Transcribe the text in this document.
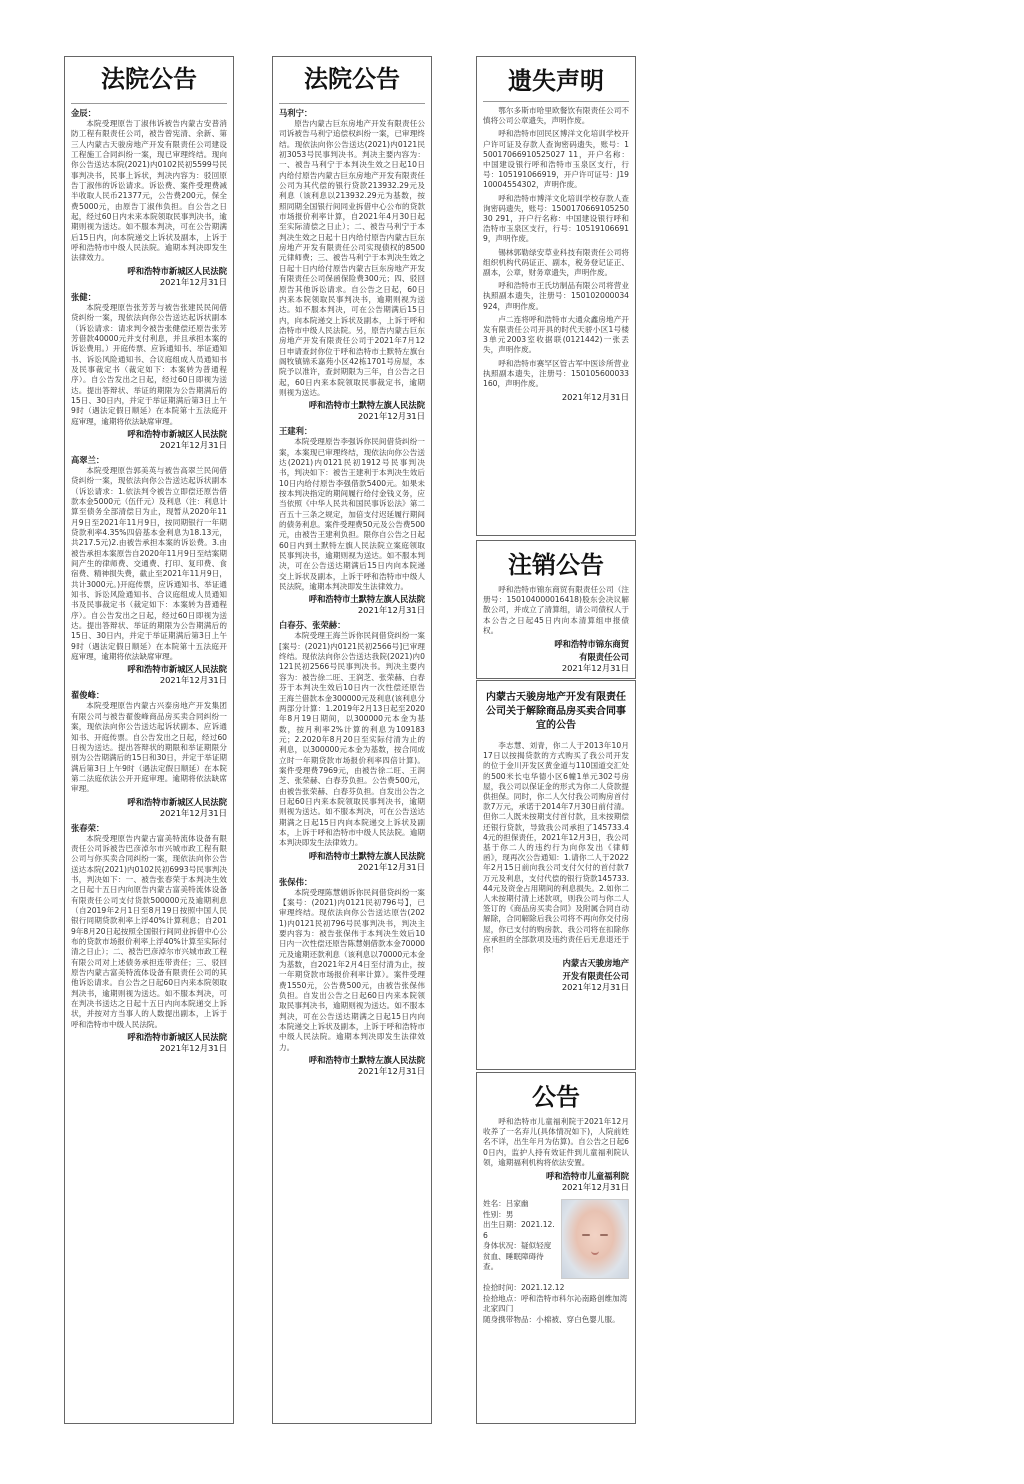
法院公告
金辰：

本院受理原告丁淑伟诉被告内蒙古安普消防工程有限责任公司，被告曾宪清、余新、第三人内蒙古天骏房地产开发有限责任公司建设工程施工合同纠纷一案，现已审理终结。现向你公告送达本院(2021)内0102民初5599号民事判决书，民事上诉状，判决内容为：驳回原告丁淑伟的诉讼请求。诉讼费、案件受理费减半收取人民币21377元，公告费200元，保全费5000元，由原告丁淑伟负担。自公告之日起，经过60日内未来本院领取民事判决书，逾期则视为送达。如不服本判决，可在公告期满后15日内，向本院递交上诉状及副本，上诉于呼和浩特市中级人民法院。逾期本判决即发生法律效力。

呼和浩特市新城区人民法院
2021年12月31日
张健：

本院受理原告张芳芳与被告张建民民间借贷纠纷一案，现依法向你公告送达起诉状副本（诉讼请求：请求判令被告张健偿还原告张芳芳借款40000元并支付利息，并且承担本案的诉讼费用。）开庭传票、应诉通知书、举证通知书、诉讼风险通知书、合议庭组成人员通知书及民事裁定书（裁定如下：本案转为普通程序）。自公告发出之日起，经过60日即视为送达。提出答辩状、举证的期限为公告期满后的15日、30日内，并定于举证期满后第3日上午9时（遇法定假日顺延）在本院第十五法庭开庭审理，逾期将依法缺席审理。

呼和浩特市新城区人民法院
2021年12月31日
高翠兰：

本院受理原告郭美英与被告高翠兰民间借贷纠纷一案，现依法向你公告送达起诉状副本（诉讼请求：1.依法判令被告立即偿还原告借款本金5000元（伍仟元）及利息（注：利息计算至债务全部清偿日为止，现暂从2020年11月9日至2021年11月9日，按同期银行一年期贷款利率4.35%四倍基本金利息为18.13元，共217.5元)2.由被告承担本案的诉讼费。3.由被告承担本案原告自2020年11月9日至结案期间产生的律师费、交通费、打印、复印费、食宿费、精神损失费，截止至2021年11月9日，共计3000元。)开庭传票，应诉通知书、举证通知书、诉讼风险通知书、合议庭组成人员通知书及民事裁定书（裁定如下：本案转为普通程序）。自公告发出之日起，经过60日即视为送达。提出答辩状、举证的期限为公告期满后的15日、30日内，并定于举证期满后第3日上午9时（遇法定假日顺延）在本院第十五法庭开庭审理，逾期将依法缺席审理。

呼和浩特市新城区人民法院
2021年12月31日
翟俊峰：

本院受理原告内蒙古兴泰房地产开发集团有限公司与被告翟俊峰商品房买卖合同纠纷一案，现依法向你公告送达起诉状副本、应诉通知书、开庭传票。自公告发出之日起，经过60日视为送达。提出答辩状的期限和举证期限分别为公告期满后的15日和30日，并定于举证期满后第3日上午9时（遇法定假日顺延）在本院第二法庭依法公开开庭审理。逾期将依法缺席审理。

呼和浩特市新城区人民法院
2021年12月31日
张春荣：

本院受理原告内蒙古富美特流体设备有限责任公司诉被告巴彦淖尔市兴城市政工程有限公司与你买卖合同纠纷一案，现依法向你公告送达本院(2021)内0102民初6993号民事判决书，判决如下：一、被告张春荣于本判决生效之日起十五日内向原告内蒙古富美特流体设备有限责任公司支付货款500000元及逾期利息（自2019年2月1日至8月19日按照中国人民银行同期贷款利率上浮40%计算利息；自2019年8月20日起按照全国银行间同业拆借中心公布的贷款市场报价利率上浮40%计算至实际付清之日止）；二、被告巴彦淖尔市兴城市政工程有限公司对上述债务承担连带责任；三、驳回原告内蒙古富美特流体设备有限责任公司的其他诉讼请求。自公告之日起60日内来本院领取判决书，逾期则视为送达。如不服本判决，可在判决书送达之日起十五日内向本院递交上诉状，并按对方当事人的人数提出副本，上诉于呼和浩特市中级人民法院。

呼和浩特市新城区人民法院
2021年12月31日
法院公告
马利宁：

原告内蒙古巨东房地产开发有限责任公司诉被告马利宁追偿权纠纷一案，已审理终结。现依法向你公告送达(2021)内0121民初3053号民事判决书。判决主要内容为：一、被告马利宁于本判决生效之日起10日内给付原告内蒙古巨东房地产开发有限责任公司为其代偿的银行贷款213932.29元及利息（该利息以213932.29元为基数，按照同期全国银行间同业拆借中心公布的贷款市场报价利率计算，自2021年4月30日起至实际清偿之日止）；二、被告马利宁于本判决生效之日起十日内给付原告内蒙古巨东房地产开发有限责任公司实现债权的8500元律师费；三、被告马利宁于本判决生效之日起十日内给付原告内蒙古巨东房地产开发有限责任公司保函保险费300元；四、驳回原告其他诉讼请求。自公告之日起，60日内来本院领取民事判决书，逾期则视为送达。如不服本判决，可在公告期满后15日内，向本院递交上诉状及副本，上诉于呼和浩特市中级人民法院。另，原告内蒙古巨东房地产开发有限责任公司于2021年7月12日申请查封你位于呼和浩特市土默特左旗台阁牧镇锦禾嘉苑小区42栋1701号房屋，本院予以准许，查封期限为三年，自公告之日起，60日内来本院领取民事裁定书，逾期则视为送达。

呼和浩特市土默特左旗人民法院
2021年12月31日
王建利：

本院受理原告李强诉你民间借贷纠纷一案，本案现已审理终结，现依法向你公告送达(2021)内0121民初1912号民事判决书，判决如下：被告王建利于本判决生效后10日内给付原告李强借款5400元。如果未按本判决指定的期间履行给付金钱义务，应当依照《中华人民共和国民事诉讼法》第二百五十三条之规定，加倍支付迟延履行期间的债务利息。案件受理费50元及公告费500元，由被告王建利负担。限你自公告之日起60日内到土默特左旗人民法院立案庭领取民事判决书，逾期则视为送达。如不服本判决，可在公告送达期满后15日内向本院递交上诉状及副本，上诉于呼和浩特市中级人民法院，逾期本判决即发生法律效力。

呼和浩特市土默特左旗人民法院
2021年12月31日
白春芬、张荣赫：

本院受理王海兰诉你民间借贷纠纷一案[案号：(2021)内0121民初2566号]已审理终结。现依法向你公告送达我院(2021)内0121民初2566号民事判决书。判决主要内容为：被告徐二旺、王润芝、张荣赫、白春芬于本判决生效后10日内一次性偿还原告王海兰借款本金300000元及利息(该利息分两部分计算：1.2019年2月13日起至2020年8月19日期间，以300000元本金为基数，按月利率2%计算的利息为109183元；2.2020年8月20日至实际付清为止的利息，以300000元本金为基数，按合同成立时一年期贷款市场报价利率四倍计算)。案件受理费7969元，由被告徐二旺、王润芝、张荣赫、白春芬负担。公告费500元，由被告张荣赫、白春芬负担。自发出公告之日起60日内来本院领取民事判决书，逾期则视为送达。如不服本判决，可在公告送达期满之日起15日内向本院递交上诉状及副本，上诉于呼和浩特市中级人民法院。逾期本判决即发生法律效力。

呼和浩特市土默特左旗人民法院
2021年12月31日
张保伟：

本院受理陈慧娟诉你民间借贷纠纷一案【案号：(2021)内0121民初796号】，已审理终结。现依法向你公告送达原告(2021)内0121民初796号民事判决书，判决主要内容为：被告张保伟于本判决生效后10日内一次性偿还原告陈慧娟借款本金70000元及逾期还款利息（该利息以70000元本金为基数，自2021年2月4日至付清为止，按一年期贷款市场报价利率计算）。案件受理费1550元，公告费500元，由被告张保伟负担。自发出公告之日起60日内来本院领取民事判决书，逾期则视为送达。如不服本判决，可在公告送达期满之日起15日内向本院递交上诉状及副本，上诉于呼和浩特市中级人民法院。逾期本判决即发生法律效力。

呼和浩特市土默特左旗人民法院
2021年12月31日
遗失声明

鄂尔多斯市哈里欧餐饮有限责任公司不慎将公司公章遗失，声明作废。

呼和浩特市回民区博洋文化培训学校开户许可证及存款人查询密码遗失，账号：150017066910525027 11，开户名称：中国建设银行呼和浩特市玉泉区支行，行号：105191066919，开户许可证号：J1910004554302，声明作废。

呼和浩特市博洋文化培训学校存款人查询密码遗失，账号：150017066910525030 291，开户行名称：中国建设银行呼和浩特市玉泉区支行，行号：105191066919，声明作废。

锡林郭勒绿安草业科技有限责任公司将组织机构代码证正、副本，税务登记证正、副本，公章，财务章遗失，声明作废。

呼和浩特市王氏坊制品有限公司将营业执照副本遗失，注册号：150102000034924，声明作废。

卢二连将呼和浩特市大通众鑫房地产开发有限责任公司开具的时代天骄小区1号楼3单元2003室收据联(0121442)一张丢失，声明作废。

呼和浩特市赛罕区管古军中医诊所营业执照副本遗失，注册号：150105600033160，声明作废。

2021年12月31日
注销公告

呼和浩特市锦东商贸有限责任公司（注册号：150104000016418)股东会决议解散公司，并成立了清算组，请公司债权人于本公告之日起45日内向本清算组申报债权。

呼和浩特市锦东商贸
有限责任公司
2021年12月31日
内蒙古天骏房地产开发有限责任公司关于解除商品房买卖合同事宜的公告

李志慧、刘青，你二人于2013年10月17日以按揭贷款的方式购买了我公司开发的位于金川开发区黄金道与110国道交汇处的500米长屯华德小区6幢1单元302号房屋，我公司以保证金的形式为你二人贷款提供担保。同时，你二人欠付我公司购房首付款7万元，承诺于2014年7月30日前付清。但你二人既未按期支付首付款，且未按期偿还银行贷款，导致我公司承担了145733.44元的担保责任，2021年12月3日，我公司基于你二人的违约行为向你发出《律师函》，现再次公告通知：1.请你二人于2022年2月15日前向我公司支付欠付的首付款7万元及利息，支付代偿的银行贷款145733.44元及资金占用期间的利息损失。2.如你二人未按期付清上述款项，则我公司与你二人签订的《商品房买卖合同》及附属合同自动解除，合同解除后我公司将不再向你交付房屋，你已支付的购房款、我公司将在扣除你应承担的全部款项及违约责任后无息退还于你！

内蒙古天骏房地产
开发有限责任公司
2021年12月31日
公告

呼和浩特市儿童福利院于2021年12月收养了一名弃儿(具体情况如下)，人院前姓名不详，出生年月为估算)。自公告之日起60日内，监护人持有效证件到儿童福利院认领，逾期福利机构将依法安置。

呼和浩特市儿童福利院
2021年12月31日
姓名：吕家幽
性别：男
出生日期：2021.12.6
身体状况：疑似轻度贫血、睡眠障碍待查。
捡拾时间：2021.12.12
捡拾地点：呼和浩特市科尔沁南路创维加湾北家四门
随身携带物品：小棉被、穿白色婴儿服。
